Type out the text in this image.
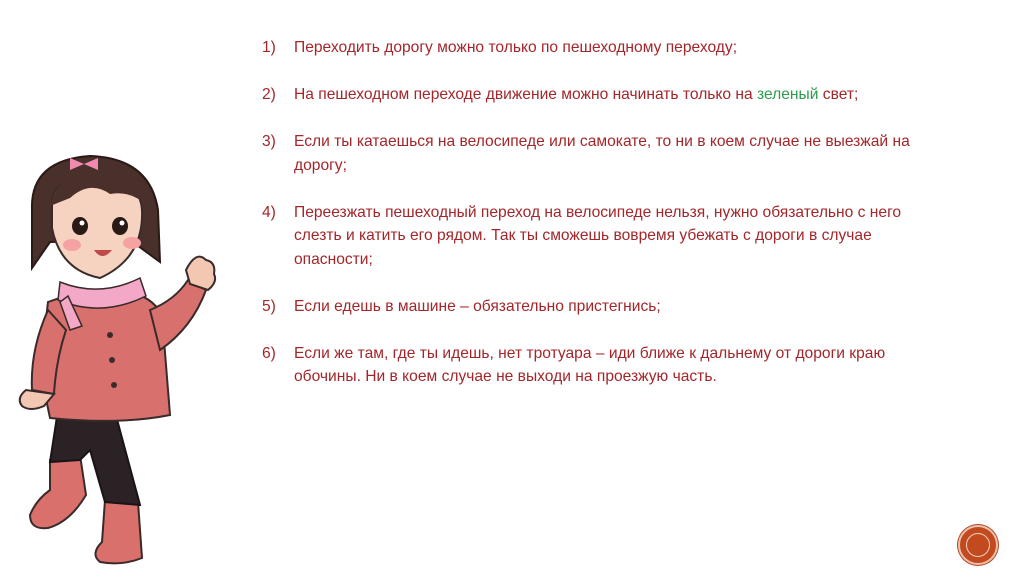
1)	Переходить дорогу можно только по пешеходному переходу;
2)	На пешеходном переходе движение можно начинать только на зеленый свет;
3)	Если ты катаешься на велосипеде или самокате, то ни в коем случае не выезжай на дорогу;
4)	Переезжать пешеходный переход на велосипеде нельзя, нужно обязательно с него слезть и катить его рядом. Так ты сможешь вовремя убежать с дороги в случае опасности;
5)	Если едешь в машине – обязательно пристегнись;
6)	Если же там, где ты идешь, нет тротуара – иди ближе к дальнему от дороги краю обочины. Ни в коем случае не выходи на проезжую часть.
